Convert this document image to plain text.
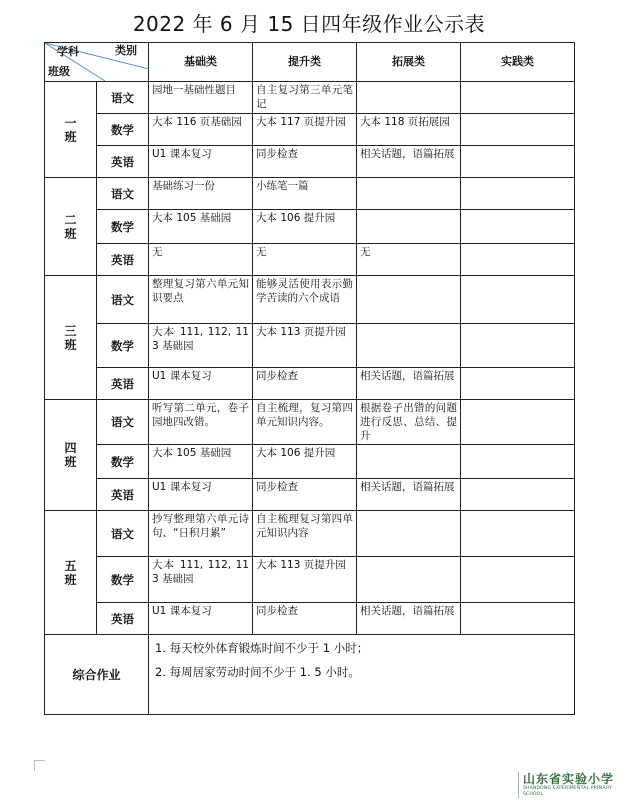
2022 年 6 月 15 日四年级作业公示表
学科 类别
班级		基础类	提升类	拓展类	实践类
一班	语文	园地一基础性题目	自主复习第三单元笔记		
	数学	大本 116 页基础园	大本 117 页提升园	大本 118 页拓展园	
	英语	U1 课本复习	同步检查	相关话题，语篇拓展	
二班	语文	基础练习一份	小练笔一篇		
	数学	大本 105 基础园	大本 106 提升园		
	英语	无	无	无	
三班	语文	整理复习第六单元知识要点	能够灵活使用表示勤学苦读的六个成语		
	数学	大本 111, 112, 113 基础园	大本 113 页提升园		
	英语	U1 课本复习	同步检查	相关话题，语篇拓展	
四班	语文	听写第二单元，卷子园地四改错。	自主梳理，复习第四单元知识内容。	根据卷子出错的问题进行反思、总结、提升	
	数学	大本 105 基础园	大本 106 提升园		
	英语	U1 课本复习	同步检查	相关话题，语篇拓展	
五班	语文	抄写整理第六单元诗句、“日积月累”	自主梳理复习第四单元知识内容		
	数学	大本 111, 112, 113 基础园	大本 113 页提升园		
	英语	U1 课本复习	同步检查	相关话题，语篇拓展	
综合作业		1. 每天校外体育锻炼时间不少于 1 小时；
2. 每周居家劳动时间不少于 1. 5 小时。			
山东省实验小学
SHANDONG EXPERIMENTAL PRIMARY SCHOOL
